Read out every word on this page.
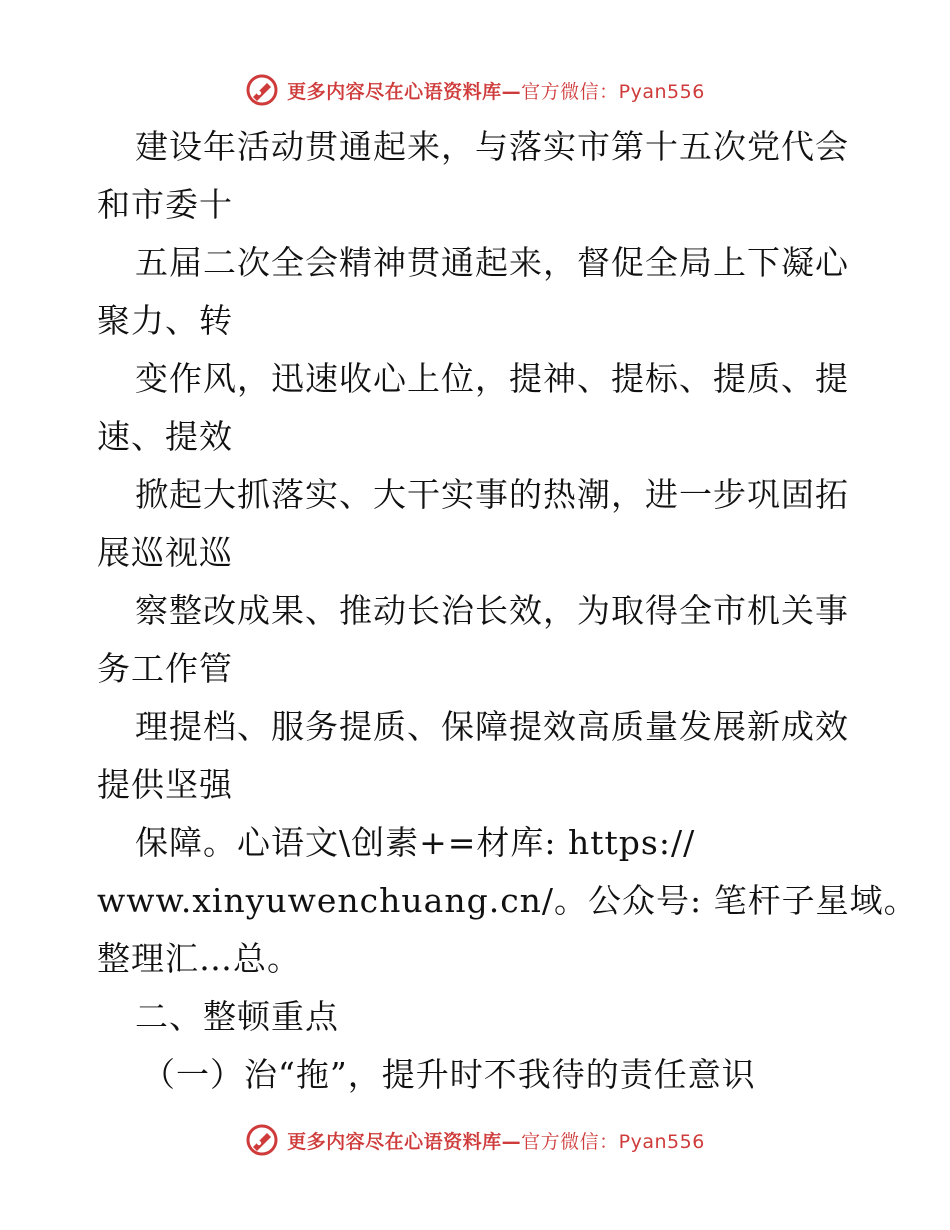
更多内容尽在心语资料库—官方微信：Pyan556
建设年活动贯通起来，与落实市第十五次党代会
和市委十
五届二次全会精神贯通起来，督促全局上下凝心
聚力、转
变作风，迅速收心上位，提神、提标、提质、提
速、提效
掀起大抓落实、大干实事的热潮，进一步巩固拓
展巡视巡
察整改成果、推动长治长效，为取得全市机关事
务工作管
理提档、服务提质、保障提效高质量发展新成效
提供坚强
保障。心语文\创素+=材库: https://
www.xinyuwenchuang.cn/。公众号: 笔杆子星域。
整理汇…总。
二、整顿重点
（一）治“拖”，提升时不我待的责任意识
更多内容尽在心语资料库—官方微信：Pyan556
